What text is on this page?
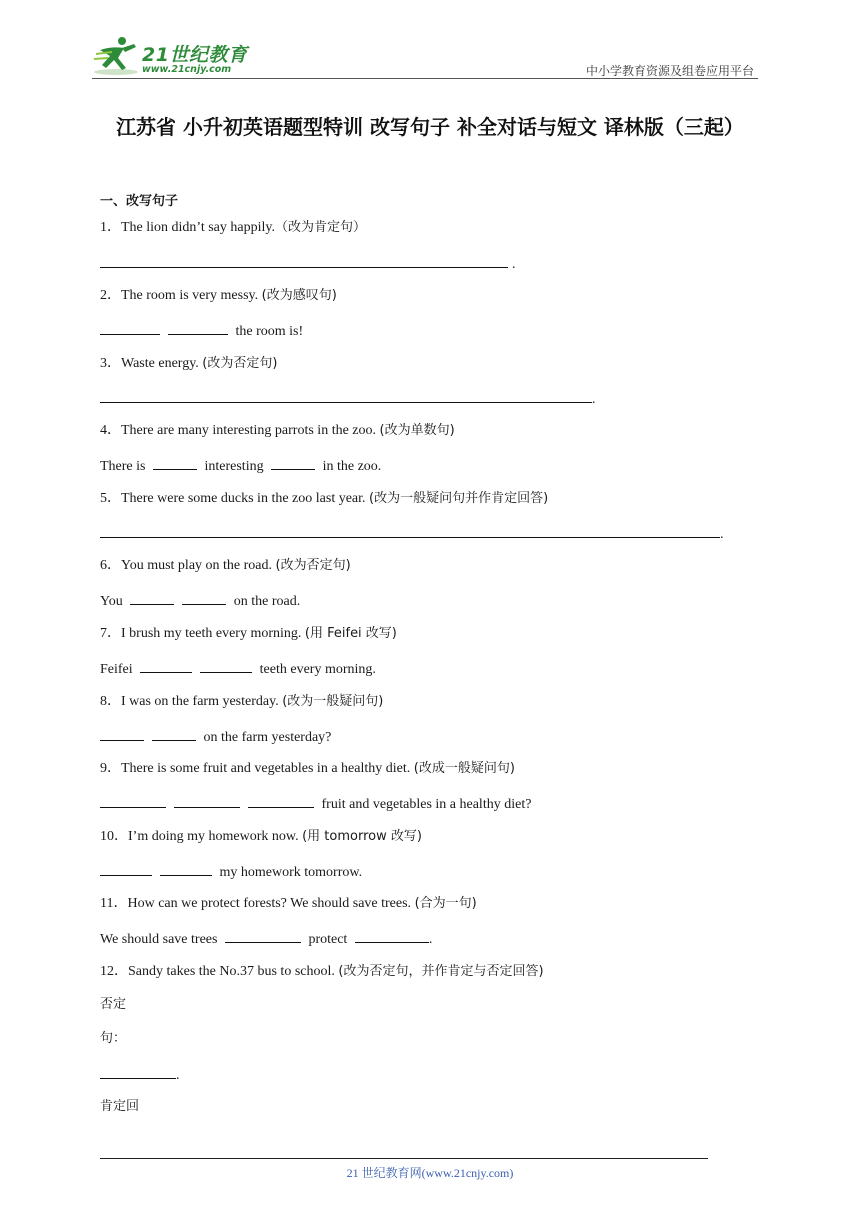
21世纪教育
www.21cnjy.com	中小学教育资源及组卷应用平台
江苏省 小升初英语题型特训 改写句子 补全对话与短文 译林版（三起）
一、改写句子
1．The lion didn’t say happily.（改为肯定句）
.
2．The room is very messy. (改为感叹句)
the room is!
3．Waste energy. (改为否定句)
.
4．There are many interesting parrots in the zoo. (改为单数句)
There is	interesting	in the zoo.
5．There were some ducks in the zoo last year. (改为一般疑问句并作肯定回答)
.
6．You must play on the road. (改为否定句)
You	on the road.
7．I brush my teeth every morning. (用 Feifei 改写)
Feifei	teeth every morning.
8．I was on the farm yesterday. (改为一般疑问句)
on the farm yesterday?
9．There is some fruit and vegetables in a healthy diet. (改成一般疑问句)
fruit and vegetables in a healthy diet?
10．I’m doing my homework now. (用 tomorrow 改写)
my homework tomorrow.
11．How can we protect forests? We should save trees. (合为一句)
We should save trees	protect	.
12．Sandy takes the No.37 bus to school. (改为否定句，并作肯定与否定回答)
否定
句：
.
肯定回
21 世纪教育网(www.21cnjy.com)
